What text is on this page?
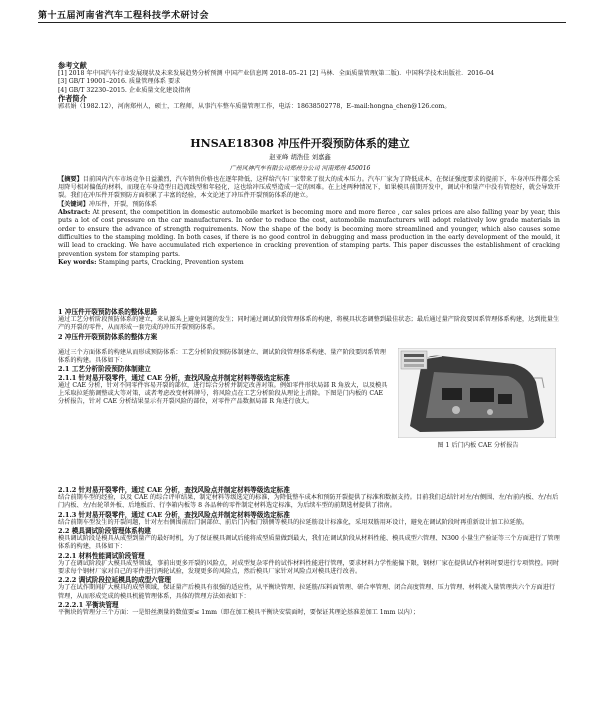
第十五届河南省汽车工程科技学术研讨会
参考文献

[1] 2018 年中国汽车行业发展现状及未来发展趋势分析预测 中国产业信息网 2018–05–21 [2] 马林．全面质量管理(第二版)．中国科学技术出版社．2016–04

[3] GB/T 19001–2016. 质量管理体系 要求

[4] GB/T 32230–2015. 企业质量文化建设指南

作者简介

郭君娟（1982.12），河南郑州人，硕士，工程师，从事汽车整车质量管理工作，电话：18638502778，E–mail:hongna_chen@126.com。

HNSAE18308 冲压件开裂预防体系的建立
赵亚峰 胡浩佳 刘嘉鑫
广州风神汽车有限公司郑州分公司 河南郑州 450016

【摘要】目前国内汽车市场竞争日益激烈，汽车销售价格也在逐年降低，这样给汽车厂家带来了很大的成本压力。汽车厂家为了降低成本，在保证强度要求的提前下，车身冲压件都会采用降号相对偏低的材料，而现在车身造型日趋流线型和年轻化，这也给冲压成型造成一定的困难。在上述两种情况下，如果模具前期开发中，调试中和量产中没有管控好，就会导致开裂。我们在冲压件开裂预防方面积累了丰富的经验，本文论述了冲压件开裂预防体系的建立。

【关键词】冲压件，开裂，预防体系

Abstract: At present, the competition in domestic automobile market is becoming more and more fierce , car sales prices are also falling year by year, this puts a lot of cost pressure on the car manufacturers. In order to reduce the cost, automobile manufacturers will adopt relatively low grade materials in order to ensure the advance of strength requirements. Now the shape of the body is becoming more streamlined and younger, which also causes some difficulties to the stamping molding. In both cases, if there is no good control in debugging and mass production in the early development of the mould, it will lead to cracking. We have accumulated rich experience in cracking prevention of stamping parts. This paper discusses the establishment of cracking prevention system for stamping parts.

Key words: Stamping parts, Cracking, Prevention system

1 冲压件开裂预防体系的整体思路

通过工艺分析阶段预防体系的建立，来从源头上避免问题的发生；同时通过调试阶段管理体系的构建，将模具状态调整到最佳状态；最后通过量产阶段要因系管理体系构建，达到批量生产的开裂的零件，从而形成一套完成的冲压开裂预防体系。

2 冲压件开裂预防体系的整体方案

通过三个方面体系的构建从而形成预防体系：工艺分析阶段预防体制建立、调试阶段管理体系构建、量产阶段要因系管理体系的构建。具体如下：

2.1 工艺分析阶段预防体制建立
2.1.1 针对易开裂零件，通过 CAE 分析，查找风险点并制定材料等级选定标准

通过 CAE 分析，针对不同零件容易开裂的部位，进行综合分析并制定改善对策。例如零件形状局部 R 角放大，以及模具上采取拉延筋调整或大等对策，或者考虑改变材料牌号，将风险点在工艺分析阶段从理论上消除。下图是门内板的 CAE 分析报告，针对 CAE 分析结果显示有开裂风险的部位，对零件产品数据局部 R 角进行放大。

图 1 后门内板 CAE 分析报告
2.1.2 针对易开裂零件，通过 CAE 分析，查找风险点并制定材料等级选定标准

结合前期车型的经验，以及 CAE 的综合评审结果，制定材料等级选定的标准，为降低整车成本和预防开裂提供了标准和数据支持。目前我们总结针对左/右侧围、左/右前内板、左/右后门内板、左/右轮罩外板、后地板后、行李箱内板等 8 各品种的零件制定材料选定标准，为后续车型的前期选材提供了指南。

2.1.3 针对易开裂零件，通过 CAE 分析，查找风险点并制定材料等级选定标准

结合前期车型发生的开裂问题，针对左右侧围前后门洞部位、前后门内板门锁侧等模具的拉延筋设计标准化，采用双筋用环设计，避免在调试阶段时再重新设计加工拉延筋。

2.2 模具调试阶段管理体系构建

模具调试阶段是模具从成型到量产的最好时机，为了保证模具调试后能将成型质量做到最大，我们在调试阶段从材料性能、模具成型六管理、N300 小量生产验证等三个方面进行了管理体系的构建，具体如下：

2.2.1 材料性能调试阶段管理

为了在调试阶段扩大模具成型领域，事前出更多开裂的风险点，对成型复杂零件的试作材料性能进行管理，要求材料力学性能偏下限，钢材厂家在提供试作材料时要进行专项管控。同时要求每个钢材厂家对自己的零件进行两轮试验，发现更多的风险点，然后模具厂家针对风险点对模具进行改善。

2.2.2 调试阶段拉延模具的成型六管理

为了在试作期间扩大模具的成型领域，保证量产后模具有很强的适应性，从平衡块管理、拉延筋/压料面管理、研合率管理、闭合高度管理、压力管理、材料流入量管理共六个方面进行管理，从而形成完成的模具机能管理体系，具体的管理方法如表如下：

2.2.2.1 平衡块管理

平衡块的管理分三个方面：一是铅丝测量的数值要≤ 1mm（即在加工模具平衡块安装面时，要保证其理论基准差加工 1mm 以内）；
